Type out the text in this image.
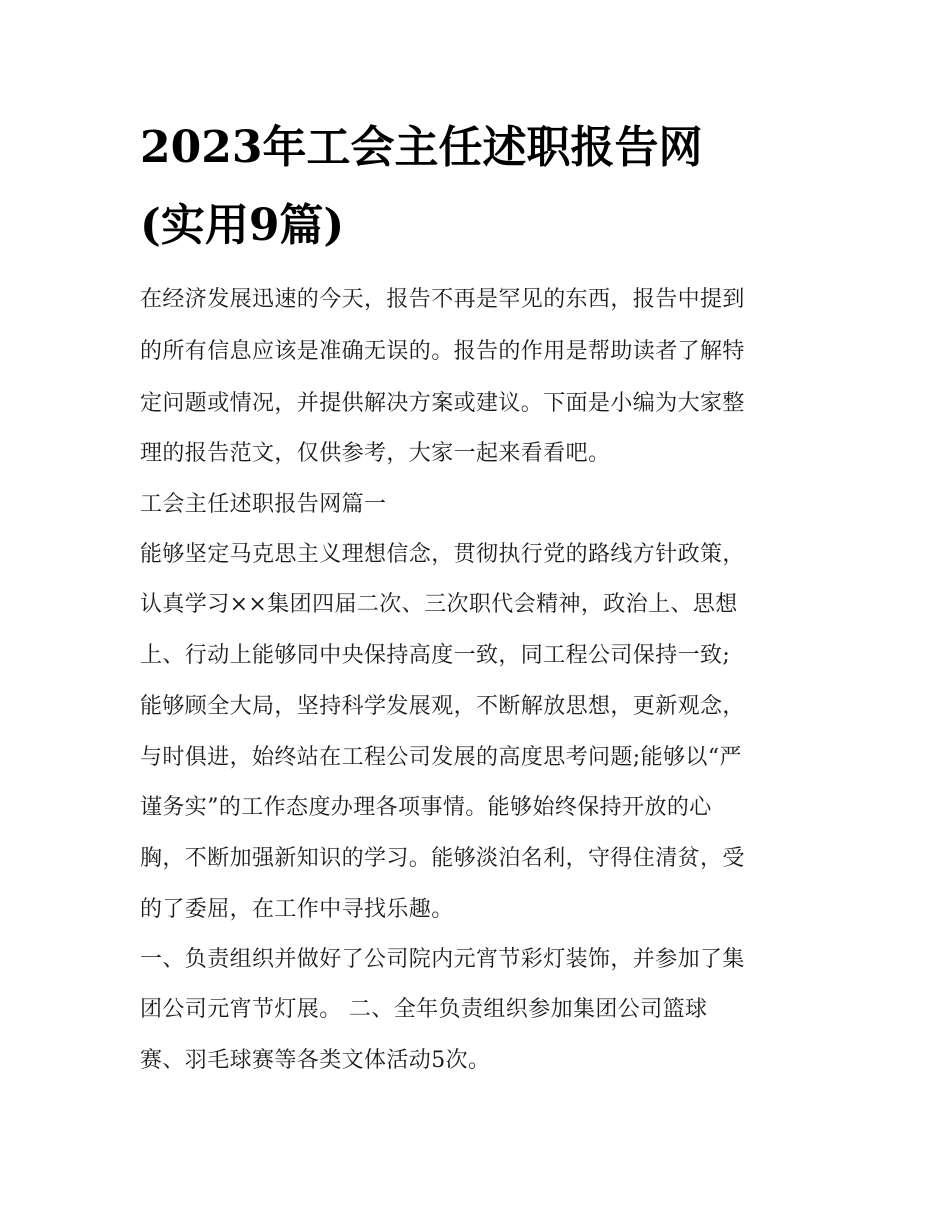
2023年工会主任述职报告网
(实用9篇)

在经济发展迅速的今天，报告不再是罕见的东西，报告中提到

的所有信息应该是准确无误的。报告的作用是帮助读者了解特

定问题或情况，并提供解决方案或建议。下面是小编为大家整

理的报告范文，仅供参考，大家一起来看看吧。

工会主任述职报告网篇一

能够坚定马克思主义理想信念，贯彻执行党的路线方针政策，

认真学习××集团四届二次、三次职代会精神，政治上、思想

上、行动上能够同中央保持高度一致，同工程公司保持一致;

能够顾全大局，坚持科学发展观，不断解放思想，更新观念，

与时俱进，始终站在工程公司发展的高度思考问题;能够以“严

谨务实”的工作态度办理各项事情。能够始终保持开放的心

胸，不断加强新知识的学习。能够淡泊名利，守得住清贫，受

的了委屈，在工作中寻找乐趣。

一、负责组织并做好了公司院内元宵节彩灯装饰，并参加了集

团公司元宵节灯展。 二、全年负责组织参加集团公司篮球

赛、羽毛球赛等各类文体活动5次。
